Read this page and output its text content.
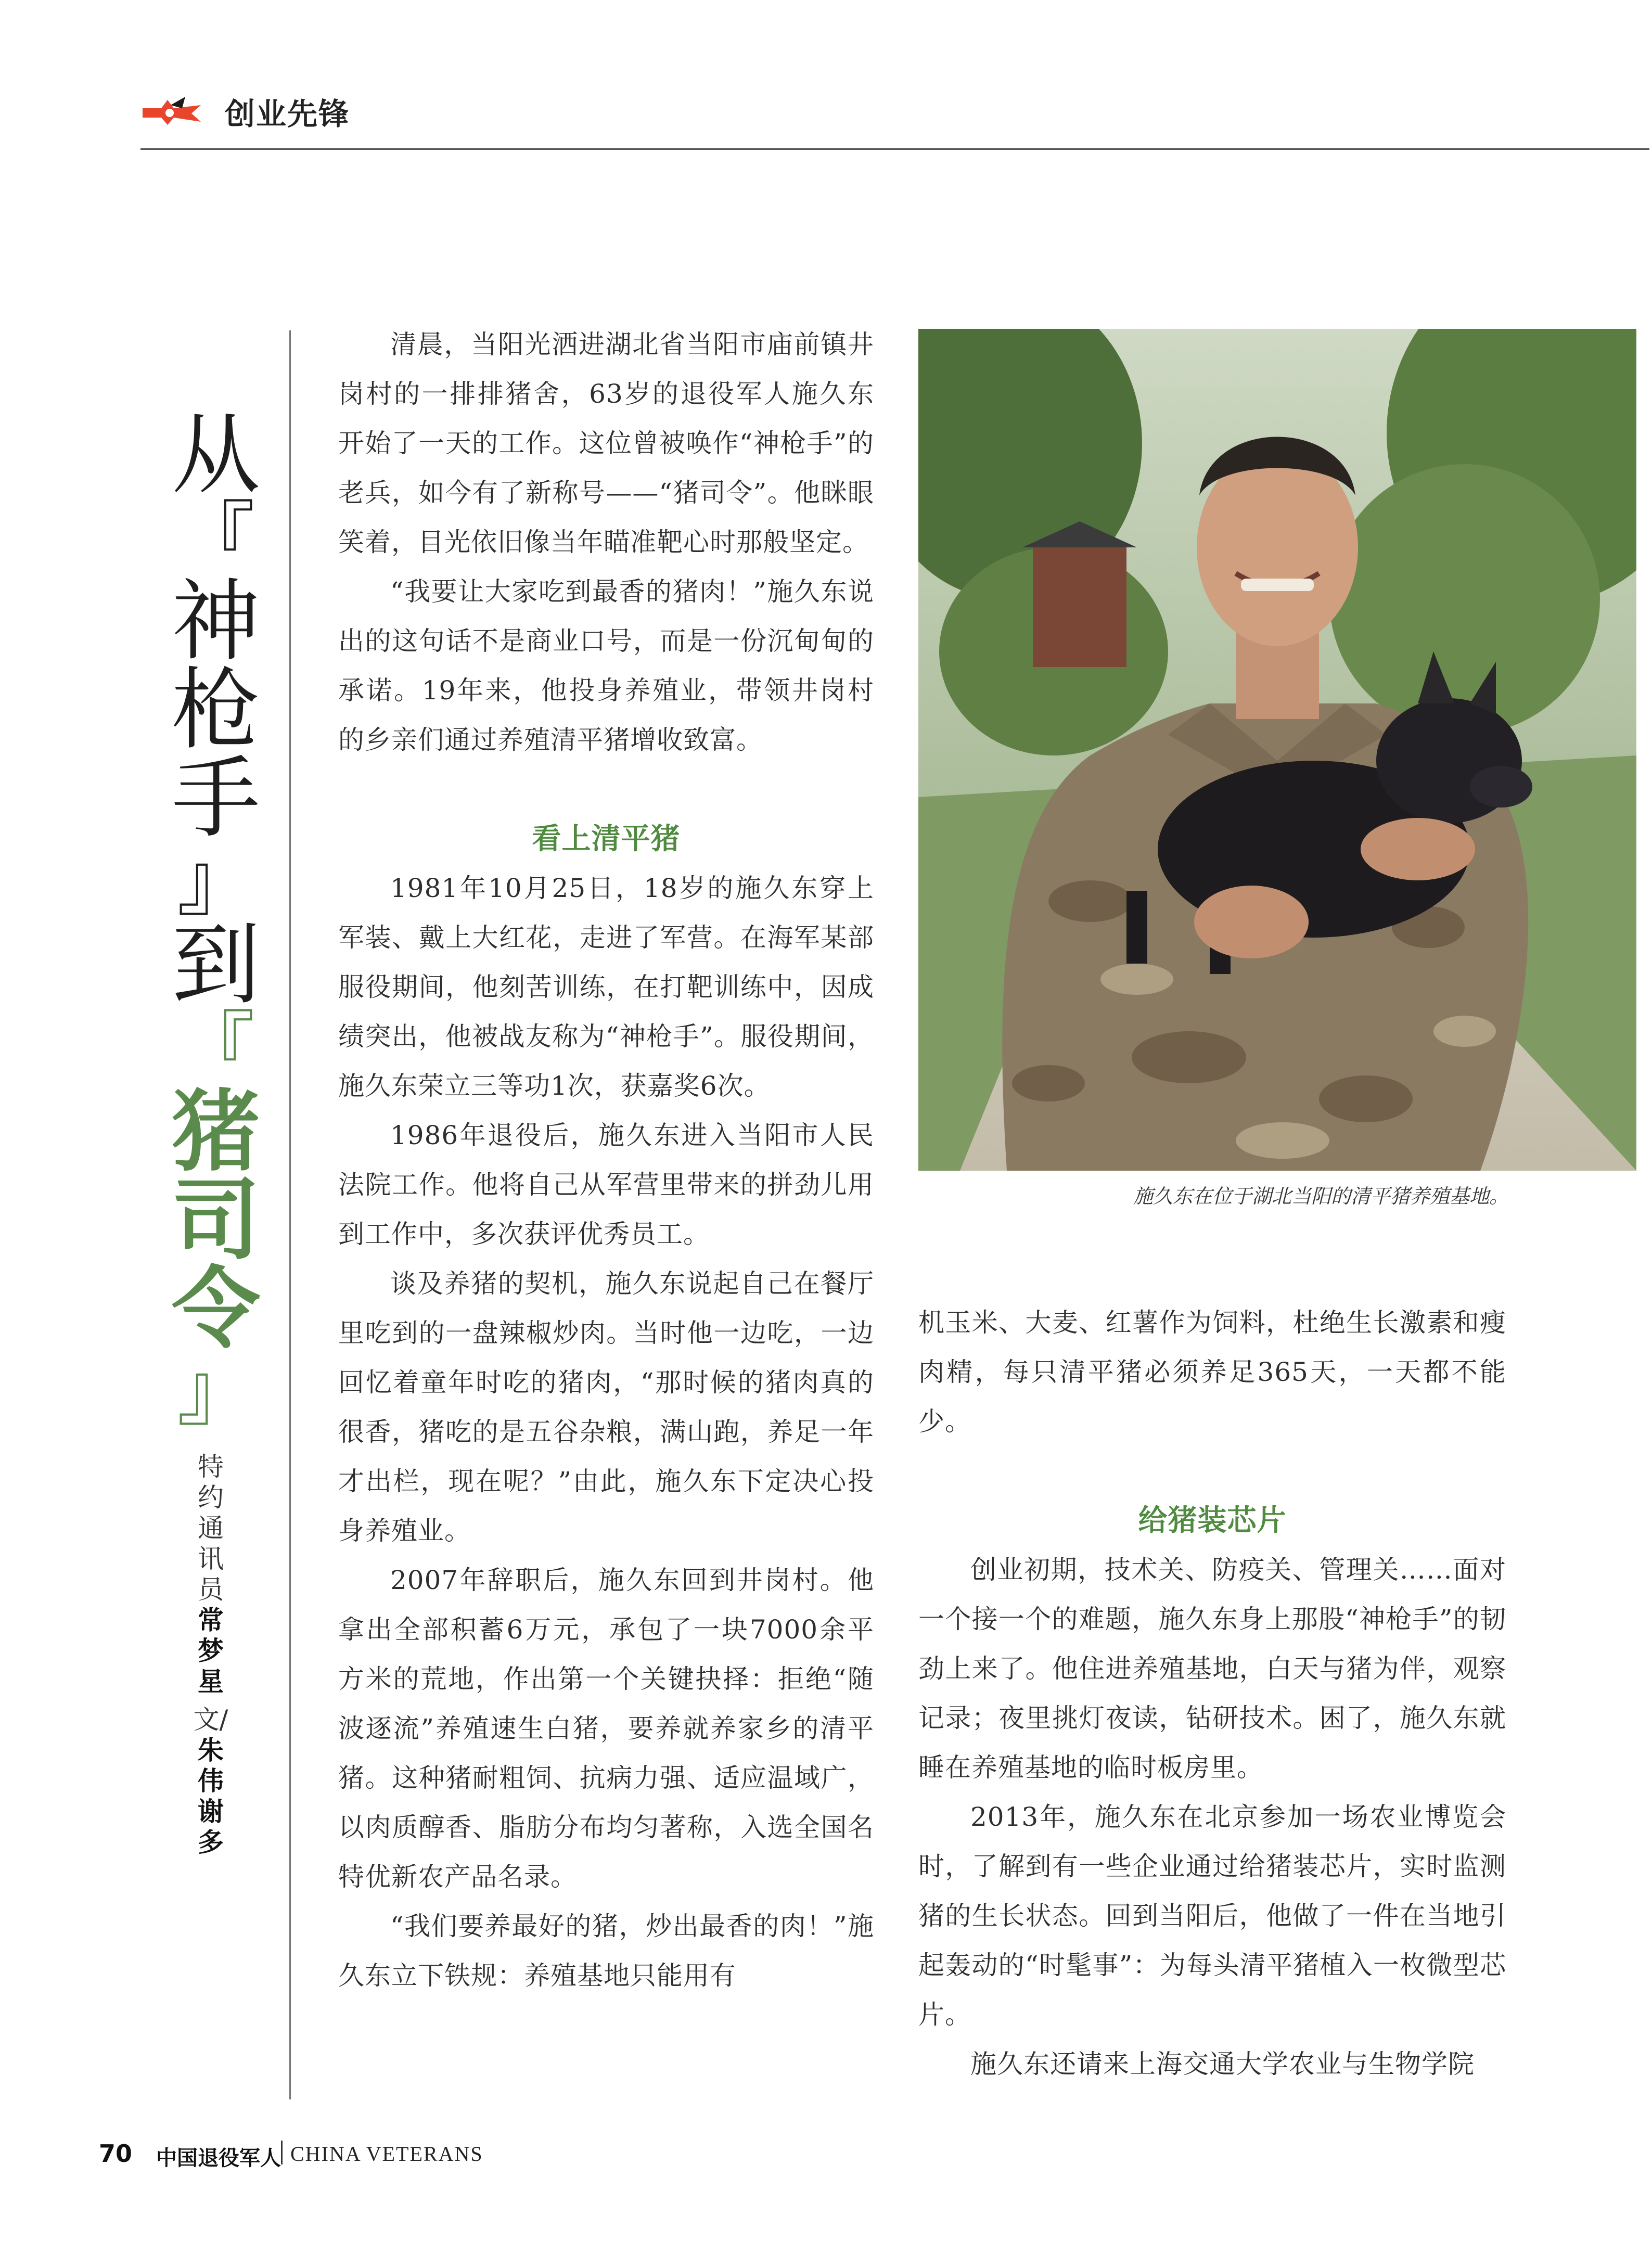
创业先锋
从
『
神
枪
手
』
到
『
猪
司
令
』
特约通讯员
常梦星
文/
朱伟 谢多

清晨，当阳光洒进湖北省当阳市庙前镇井岗村的一排排猪舍，63岁的退役军人施久东开始了一天的工作。这位曾被唤作“神枪手”的老兵，如今有了新称号——“猪司令”。他眯眼笑着，目光依旧像当年瞄准靶心时那般坚定。

“我要让大家吃到最香的猪肉！”施久东说出的这句话不是商业口号，而是一份沉甸甸的承诺。19年来，他投身养殖业，带领井岗村的乡亲们通过养殖清平猪增收致富。

看上清平猪

1981年10月25日，18岁的施久东穿上军装、戴上大红花，走进了军营。在海军某部服役期间，他刻苦训练，在打靶训练中，因成绩突出，他被战友称为“神枪手”。服役期间，施久东荣立三等功1次，获嘉奖6次。

1986年退役后，施久东进入当阳市人民法院工作。他将自己从军营里带来的拼劲儿用到工作中，多次获评优秀员工。

谈及养猪的契机，施久东说起自己在餐厅里吃到的一盘辣椒炒肉。当时他一边吃，一边回忆着童年时吃的猪肉，“那时候的猪肉真的很香，猪吃的是五谷杂粮，满山跑，养足一年才出栏，现在呢？”由此，施久东下定决心投身养殖业。

2007年辞职后，施久东回到井岗村。他拿出全部积蓄6万元，承包了一块7000余平方米的荒地，作出第一个关键抉择：拒绝“随波逐流”养殖速生白猪，要养就养家乡的清平猪。这种猪耐粗饲、抗病力强、适应温域广，以肉质醇香、脂肪分布均匀著称，入选全国名特优新农产品名录。

“我们要养最好的猪，炒出最香的肉！”施久东立下铁规：养殖基地只能用有

施久东在位于湖北当阳的清平猪养殖基地。

机玉米、大麦、红薯作为饲料，杜绝生长激素和瘦肉精，每只清平猪必须养足365天，一天都不能少。

给猪装芯片

创业初期，技术关、防疫关、管理关……面对一个接一个的难题，施久东身上那股“神枪手”的韧劲上来了。他住进养殖基地，白天与猪为伴，观察记录；夜里挑灯夜读，钻研技术。困了，施久东就睡在养殖基地的临时板房里。

2013年，施久东在北京参加一场农业博览会时，了解到有一些企业通过给猪装芯片，实时监测猪的生长状态。回到当阳后，他做了一件在当地引起轰动的“时髦事”：为每头清平猪植入一枚微型芯片。

施久东还请来上海交通大学农业与生物学院

70 中国退役军人 CHINA VETERANS
